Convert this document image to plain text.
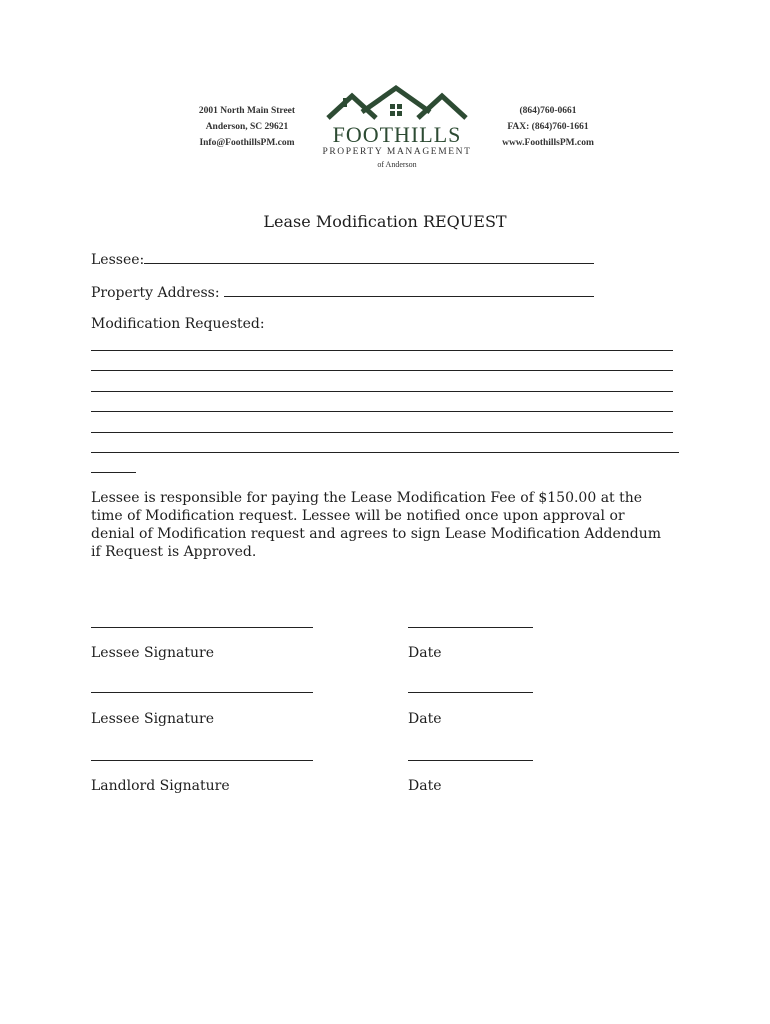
2001 North Main Street
Anderson, SC 29621
Info@FoothillsPM.com	FOOTHILLS
PROPERTY MANAGEMENT
of Anderson
(864)760-0661
FAX: (864)760-1661
www.FoothillsPM.com
Lease Modification REQUEST
Lessee:
Property Address:
Modification Requested:
Lessee is responsible for paying the Lease Modification Fee of $150.00 at the time of Modification request. Lessee will be notified once upon approval or denial of Modification request and agrees to sign Lease Modification Addendum if Request is Approved.
Lessee Signature	Date
Lessee Signature	Date
Landlord Signature	Date
